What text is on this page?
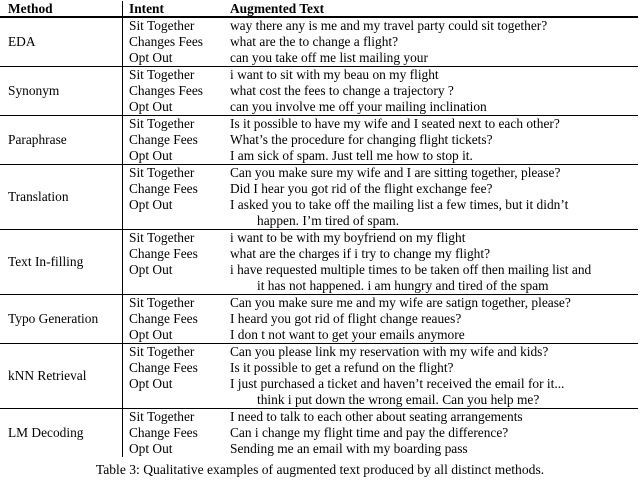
Method	Intent	Augmented Text
EDA
Sit Together	way there any is me and my travel party could sit together?
Changes Fees	what are the to change a flight?
Opt Out	can you take off me list mailing your
Synonym
Sit Together	i want to sit with my beau on my flight
Changes Fees	what cost the fees to change a trajectory ?
Opt Out	can you involve me off your mailing inclination
Paraphrase
Sit Together	Is it possible to have my wife and I seated next to each other?
Change Fees	What’s the procedure for changing flight tickets?
Opt Out	I am sick of spam. Just tell me how to stop it.
Translation
Sit Together	Can you make sure my wife and I are sitting together, please?
Change Fees	Did I hear you got rid of the flight exchange fee?
Opt Out	I asked you to take off the mailing list a few times, but it didn’t
happen. I’m tired of spam.
Text In-filling
Sit Together	i want to be with my boyfriend on my flight
Change Fees	what are the charges if i try to change my flight?
Opt Out	i have requested multiple times to be taken off then mailing list and
it has not happened. i am hungry and tired of the spam
Typo Generation
Sit Together	Can you make sure me and my wife are satign together, please?
Change Fees	I heard you got rid of flight change reaues?
Opt Out	I don t not want to get your emails anymore
kNN Retrieval
Sit Together	Can you please link my reservation with my wife and kids?
Change Fees	Is it possible to get a refund on the flight?
Opt Out	I just purchased a ticket and haven’t received the email for it...
think i put down the wrong email. Can you help me?
LM Decoding
Sit Together	I need to talk to each other about seating arrangements
Change Fees	Can i change my flight time and pay the difference?
Opt Out	Sending me an email with my boarding pass
Table 3: Qualitative examples of augmented text produced by all distinct methods.
